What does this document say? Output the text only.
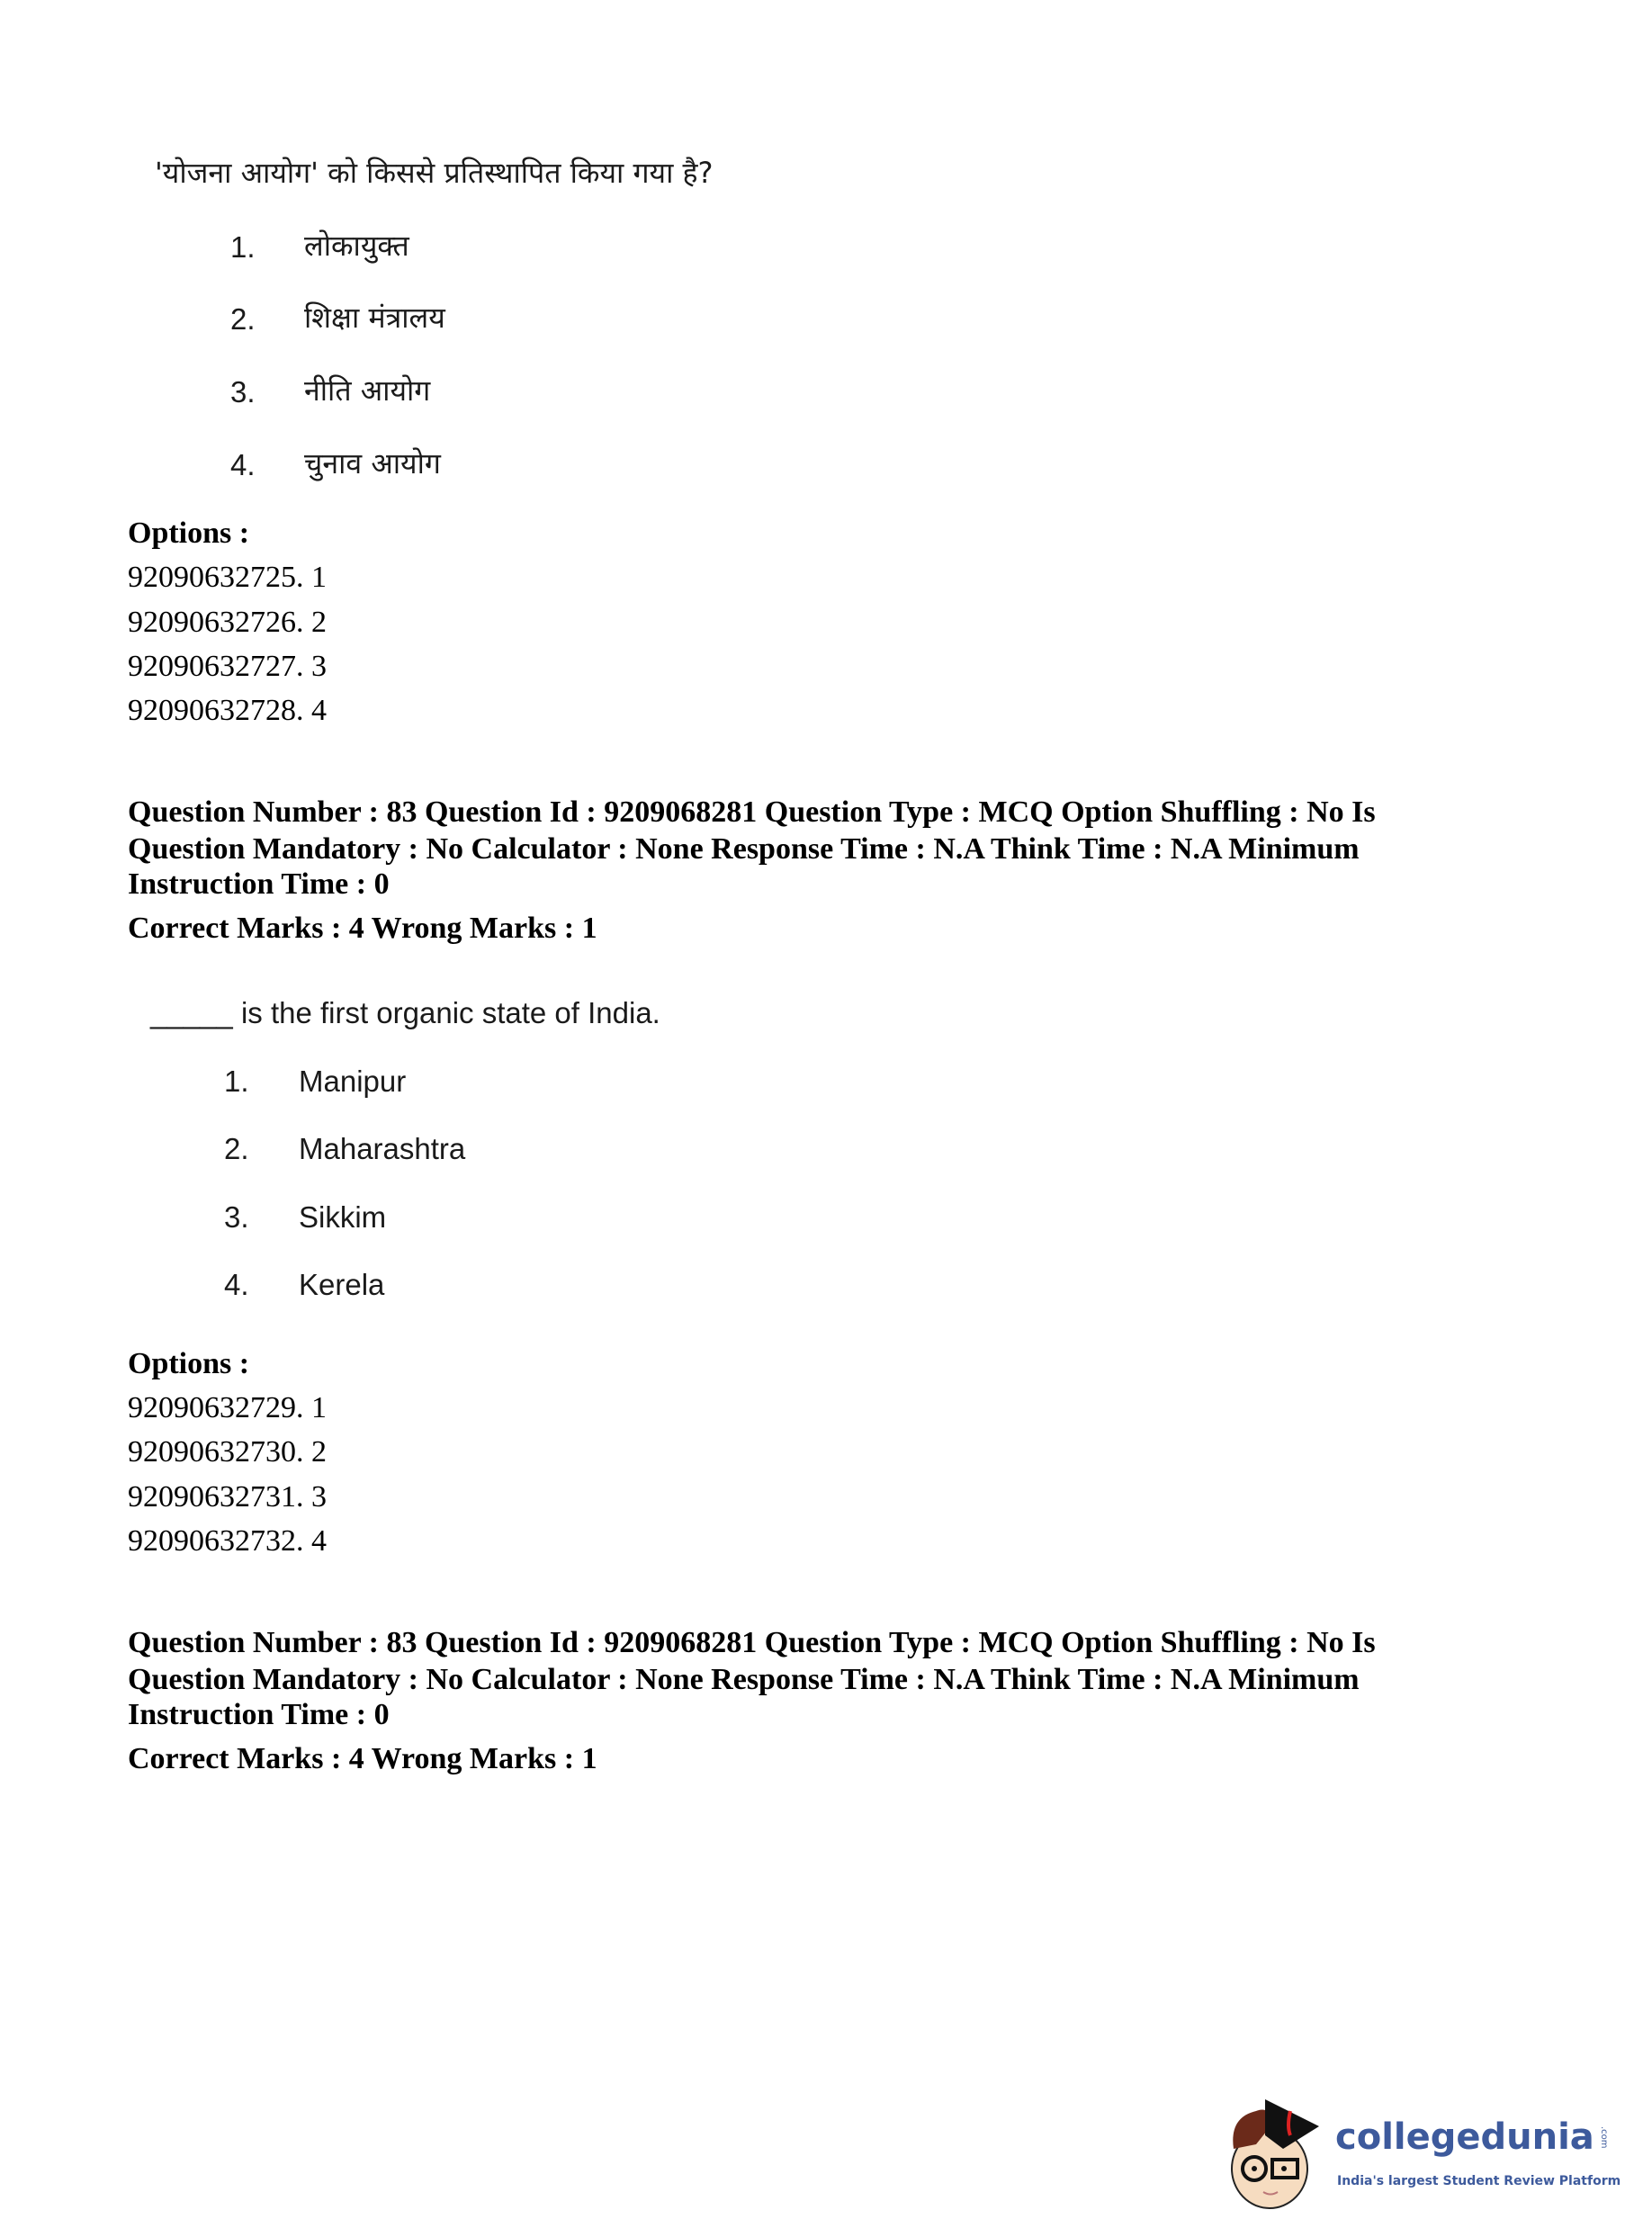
'योजना आयोग' को किससे प्रतिस्थापित किया गया है?
1. लोकायुक्त
2. शिक्षा मंत्रालय
3. नीति आयोग
4. चुनाव आयोग
Options :
92090632725. 1
92090632726. 2
92090632727. 3
92090632728. 4
Question Number : 83 Question Id : 9209068281 Question Type : MCQ Option Shuffling : No Is
Question Mandatory : No Calculator : None Response Time : N.A Think Time : N.A Minimum
Instruction Time : 0
Correct Marks : 4 Wrong Marks : 1
_____ is the first organic state of India.
1. Manipur
2. Maharashtra
3. Sikkim
4. Kerela
Options :
92090632729. 1
92090632730. 2
92090632731. 3
92090632732. 4
Question Number : 83 Question Id : 9209068281 Question Type : MCQ Option Shuffling : No Is
Question Mandatory : No Calculator : None Response Time : N.A Think Time : N.A Minimum
Instruction Time : 0
Correct Marks : 4 Wrong Marks : 1
collegedunia .com
India's largest Student Review Platform
